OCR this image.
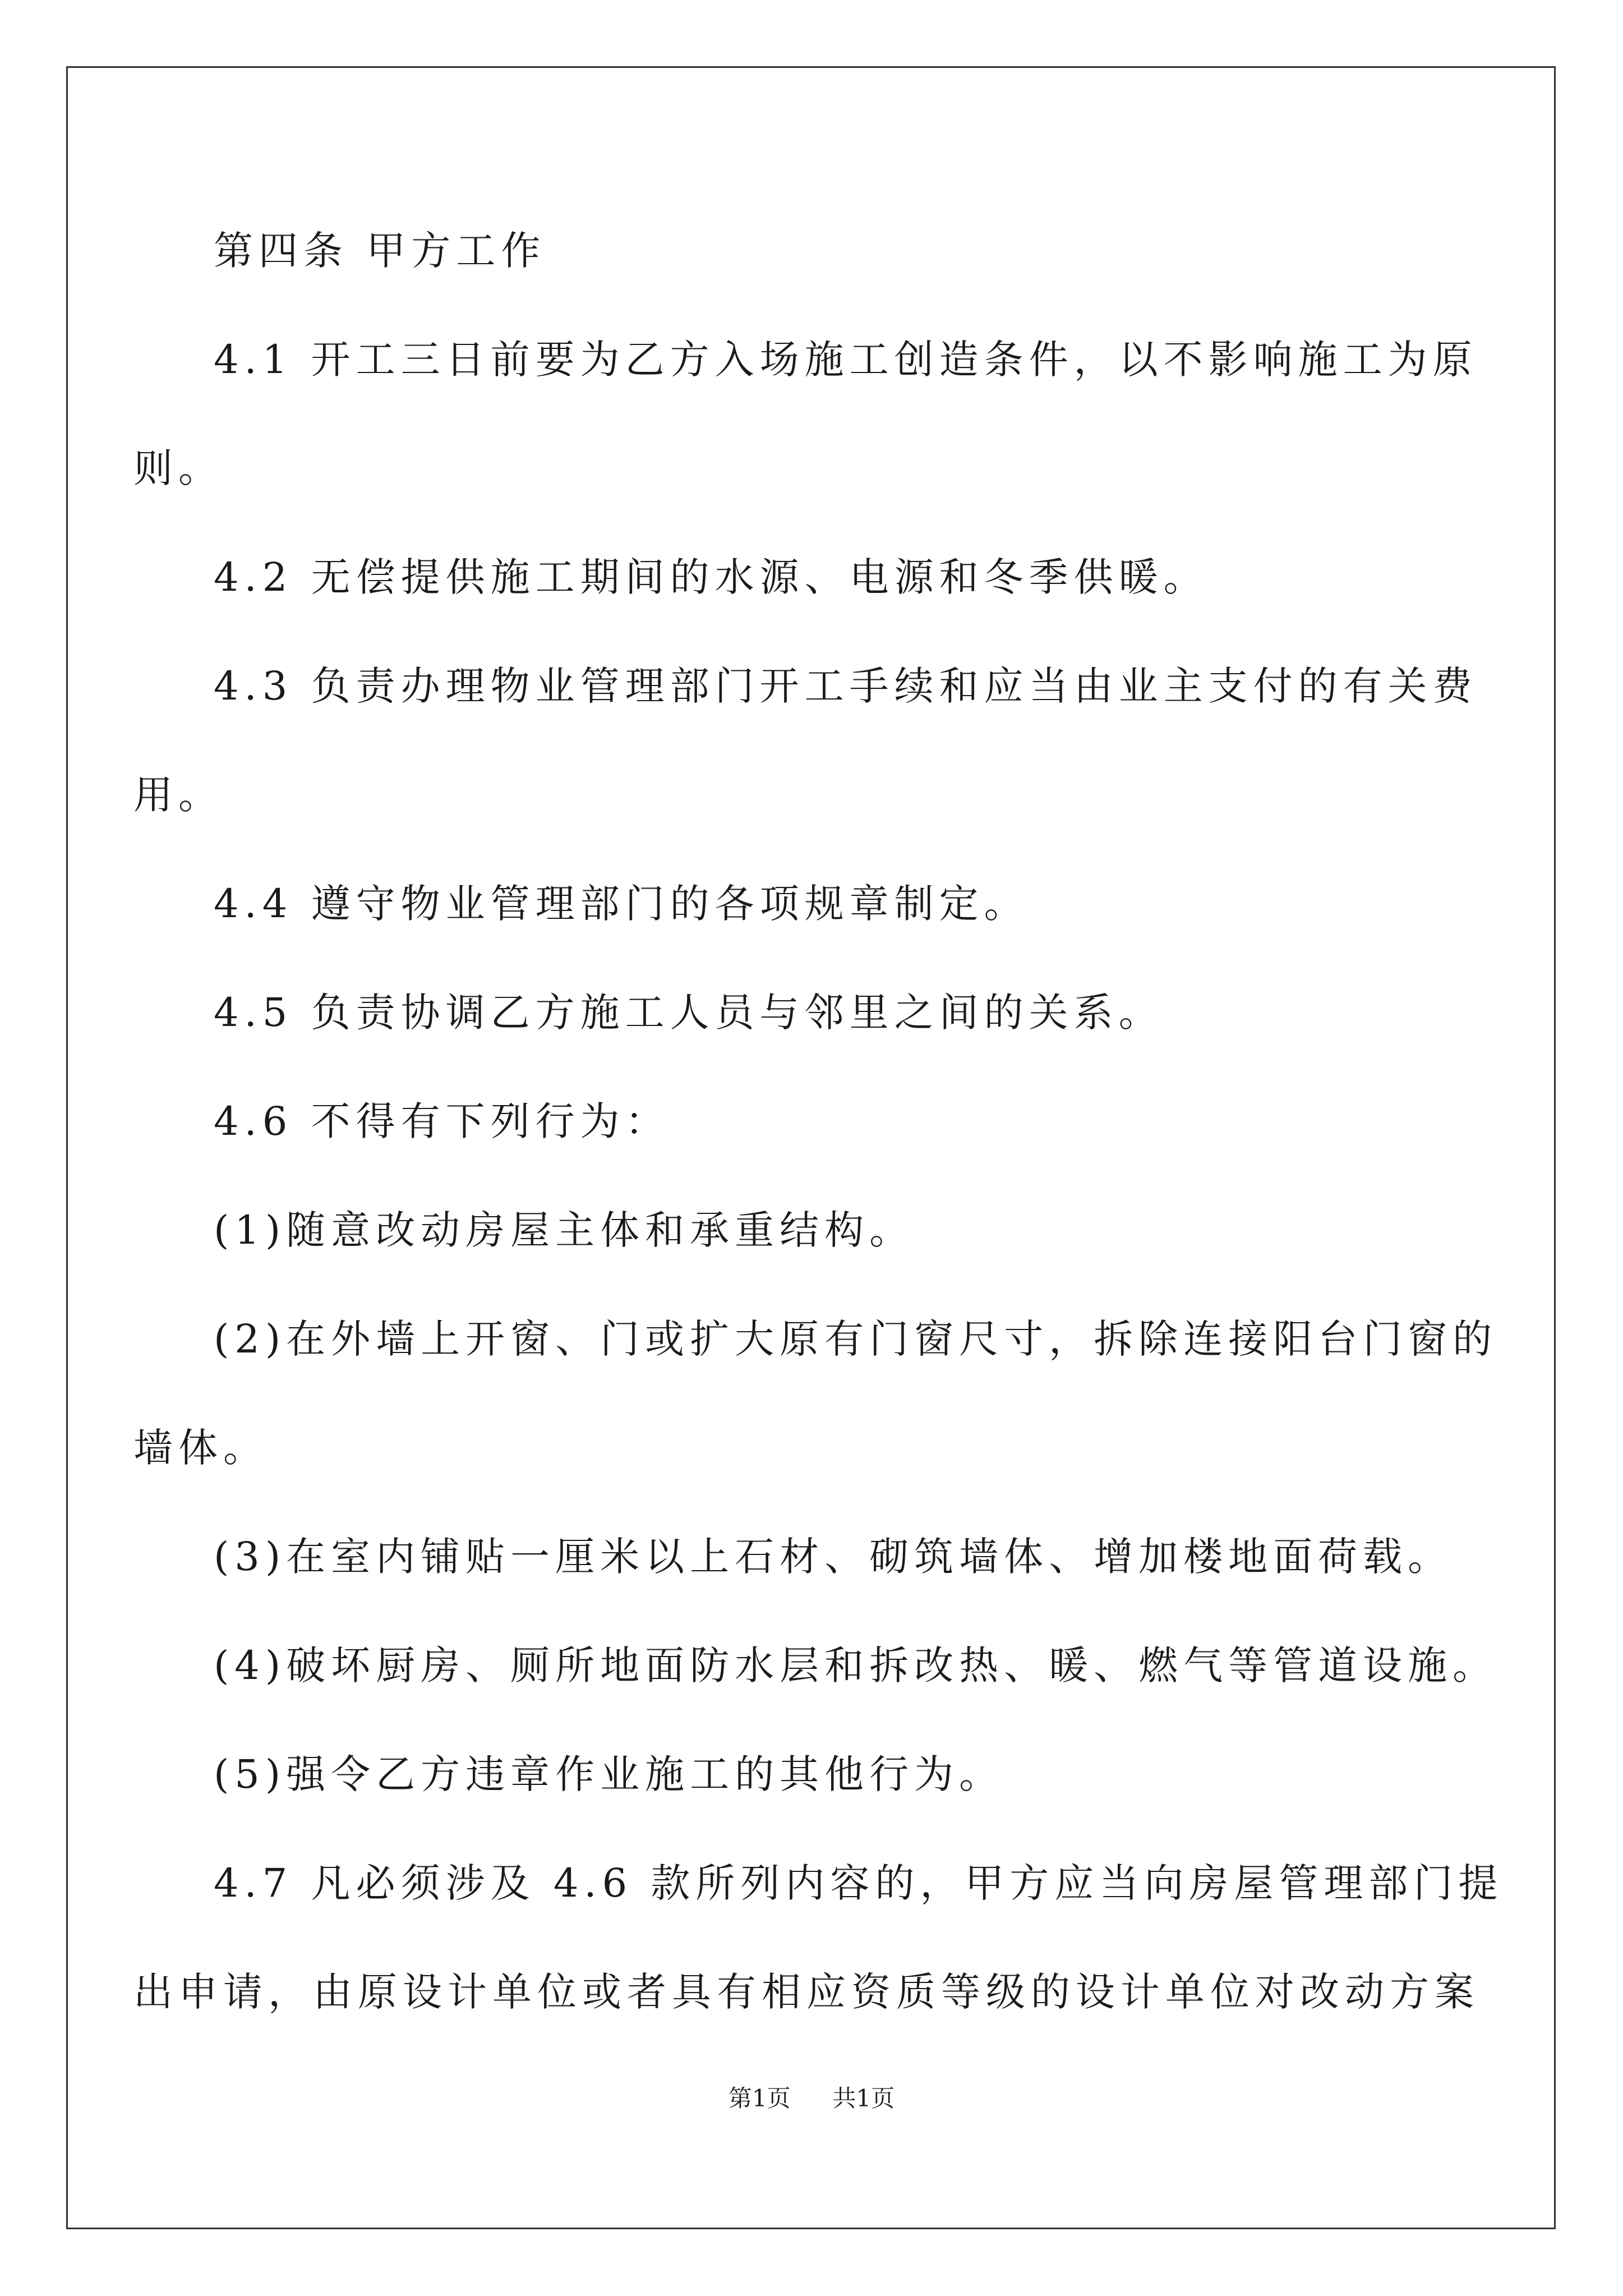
第四条 甲方工作

4.1 开工三日前要为乙方入场施工创造条件，以不影响施工为原

则。

4.2 无偿提供施工期间的水源、电源和冬季供暖。

4.3 负责办理物业管理部门开工手续和应当由业主支付的有关费

用。

4.4 遵守物业管理部门的各项规章制定。

4.5 负责协调乙方施工人员与邻里之间的关系。

4.6 不得有下列行为：

(1)随意改动房屋主体和承重结构。

(2)在外墙上开窗、门或扩大原有门窗尺寸，拆除连接阳台门窗的

墙体。

(3)在室内铺贴一厘米以上石材、砌筑墙体、增加楼地面荷载。

(4)破坏厨房、厕所地面防水层和拆改热、暖、燃气等管道设施。

(5)强令乙方违章作业施工的其他行为。

4.7 凡必须涉及 4.6 款所列内容的，甲方应当向房屋管理部门提

出申请，由原设计单位或者具有相应资质等级的设计单位对改动方案

第1页 共1页
